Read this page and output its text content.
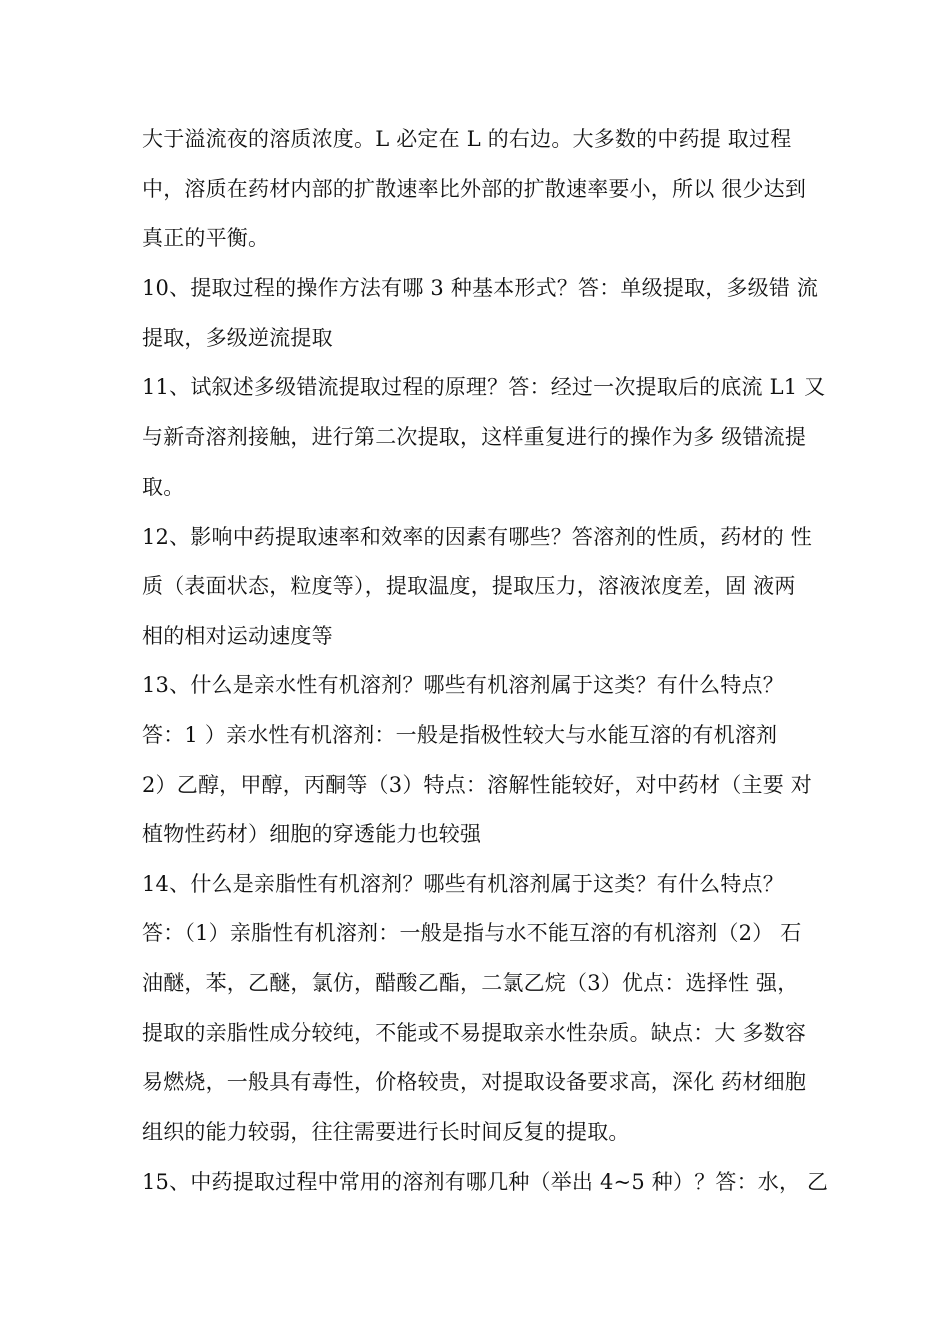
大于溢流夜的溶质浓度。L 必定在 L 的右边。大多数的中药提 取过程
中，溶质在药材内部的扩散速率比外部的扩散速率要小，所以 很少达到
真正的平衡。
10、提取过程的操作方法有哪 3 种基本形式？答：单级提取，多级错 流
提取，多级逆流提取
11、试叙述多级错流提取过程的原理？答：经过一次提取后的底流 L1 又
与新奇溶剂接触，进行第二次提取，这样重复进行的操作为多 级错流提
取。
12、影响中药提取速率和效率的因素有哪些？答溶剂的性质，药材的 性
质（表面状态，粒度等），提取温度，提取压力，溶液浓度差，固 液两
相的相对运动速度等
13、什么是亲水性有机溶剂？哪些有机溶剂属于这类？有什么特点？
答：1 ）亲水性有机溶剂：一般是指极性较大与水能互溶的有机溶剂
2）乙醇，甲醇，丙酮等（3）特点：溶解性能较好，对中药材（主要 对
植物性药材）细胞的穿透能力也较强
14、什么是亲脂性有机溶剂？哪些有机溶剂属于这类？有什么特点？
答：（1）亲脂性有机溶剂：一般是指与水不能互溶的有机溶剂（2） 石
油醚，苯，乙醚，氯仿，醋酸乙酯，二氯乙烷（3）优点：选择性 强，
提取的亲脂性成分较纯，不能或不易提取亲水性杂质。缺点：大 多数容
易燃烧，一般具有毒性，价格较贵，对提取设备要求高，深化 药材细胞
组织的能力较弱，往往需要进行长时间反复的提取。
15、中药提取过程中常用的溶剂有哪几种（举出 4~5 种）？答：水， 乙
